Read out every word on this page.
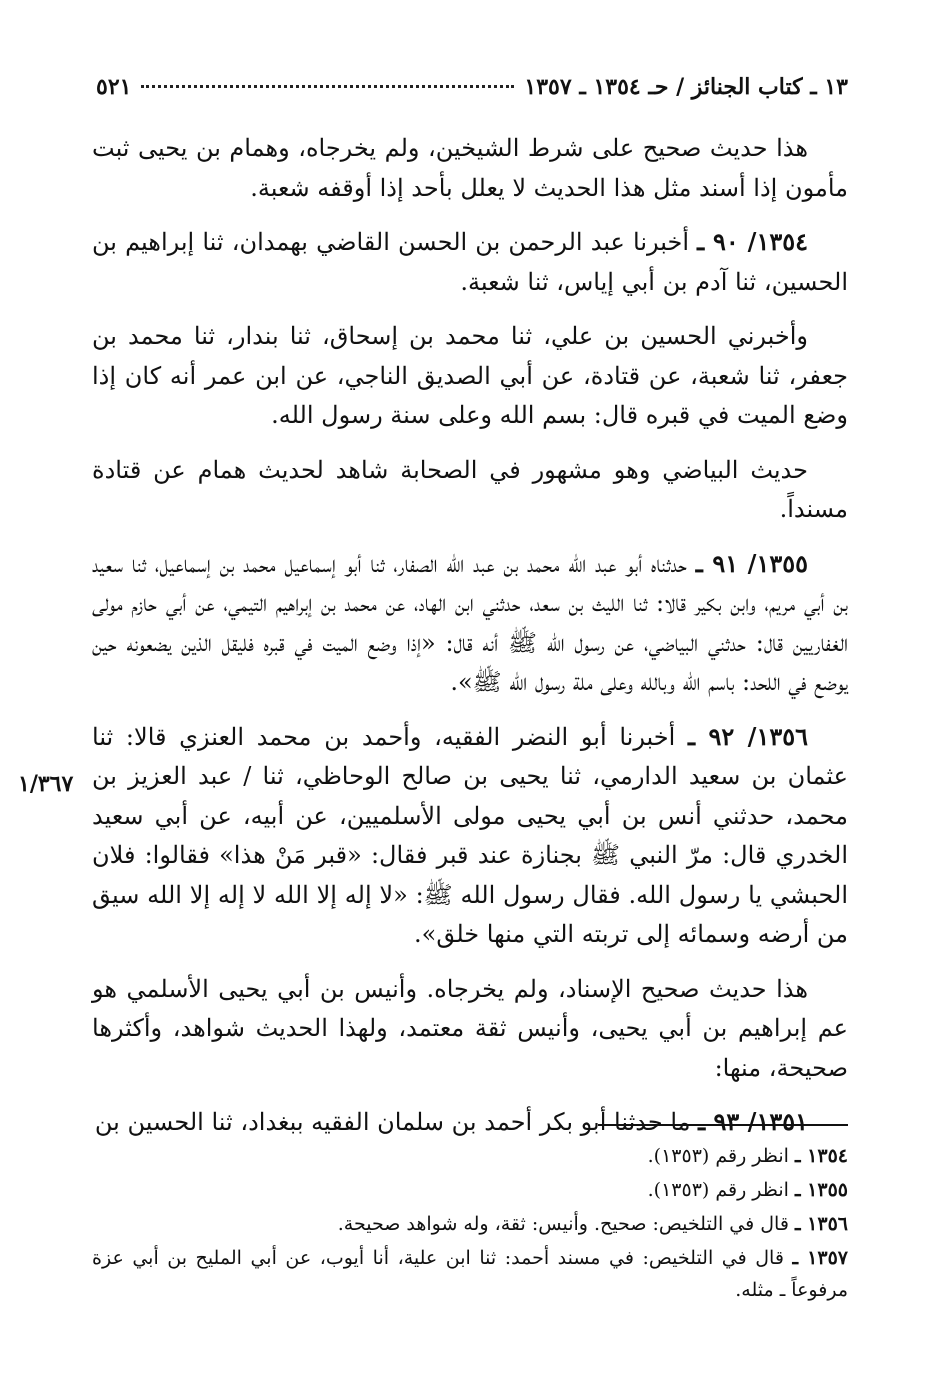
١٣ ـ كتاب الجنائز / حـ ١٣٥٤ ـ ١٣٥٧
٥٢١
١/٣٦٧

هذا حديث صحيح على شرط الشيخين، ولم يخرجاه، وهمام بن يحيى ثبت مأمون إذا أسند مثل هذا الحديث لا يعلل بأحد إذا أوقفه شعبة.

١٣٥٤/ ٩٠ ـ أخبرنا عبد الرحمن بن الحسن القاضي بهمدان، ثنا إبراهيم بن الحسين، ثنا آدم بن أبي إياس، ثنا شعبة.

وأخبرني الحسين بن علي، ثنا محمد بن إسحاق، ثنا بندار، ثنا محمد بن جعفر، ثنا شعبة، عن قتادة، عن أبي الصديق الناجي، عن ابن عمر أنه كان إذا وضع الميت في قبره قال: بسم الله وعلى سنة رسول الله.

حديث البياضي وهو مشهور في الصحابة شاهد لحديث همام عن قتادة مسنداً.

١٣٥٥/ ٩١ ـ حدثناه أبو عبد الله محمد بن عبد الله الصفار، ثنا أبو إسماعيل محمد بن إسماعيل، ثنا سعيد بن أبي مريم، وابن بكير قالا: ثنا الليث بن سعد، حدثني ابن الهاد، عن محمد بن إبراهيم التيمي، عن أبي حازم مولى الغفاريين قال: حدثني البياضي، عن رسول الله ﷺ أنه قال: «إذا وضع الميت في قبره فليقل الذين يضعونه حين يوضع في اللحد: باسم الله وبالله وعلى ملة رسول الله ﷺ».

١٣٥٦/ ٩٢ ـ أخبرنا أبو النضر الفقيه، وأحمد بن محمد العنزي قالا: ثنا عثمان بن سعيد الدارمي، ثنا يحيى بن صالح الوحاظي، ثنا / عبد العزيز بن محمد، حدثني أنس بن أبي يحيى مولى الأسلميين، عن أبيه، عن أبي سعيد الخدري قال: مرّ النبي ﷺ بجنازة عند قبر فقال: «قبر مَنْ هذا» فقالوا: فلان الحبشي يا رسول الله. فقال رسول الله ﷺ: «لا إله إلا الله لا إله إلا الله سيق من أرضه وسمائه إلى تربته التي منها خلق».

هذا حديث صحيح الإسناد، ولم يخرجاه. وأنيس بن أبي يحيى الأسلمي هو عم إبراهيم بن أبي يحيى، وأنيس ثقة معتمد، ولهذا الحديث شواهد، وأكثرها صحيحة، منها:

١٣٥١/ ٩٣ ـ ما حدثنا أبو بكر أحمد بن سلمان الفقيه ببغداد، ثنا الحسين بن

١٣٥٤ ـ انظر رقم (١٣٥٣).

١٣٥٥ ـ انظر رقم (١٣٥٣).

١٣٥٦ ـ قال في التلخيص: صحيح. وأنيس: ثقة، وله شواهد صحيحة.

١٣٥٧ ـ قال في التلخيص: في مسند أحمد: ثنا ابن علية، أنا أيوب، عن أبي المليح بن أبي عزة مرفوعاً ـ مثله.
